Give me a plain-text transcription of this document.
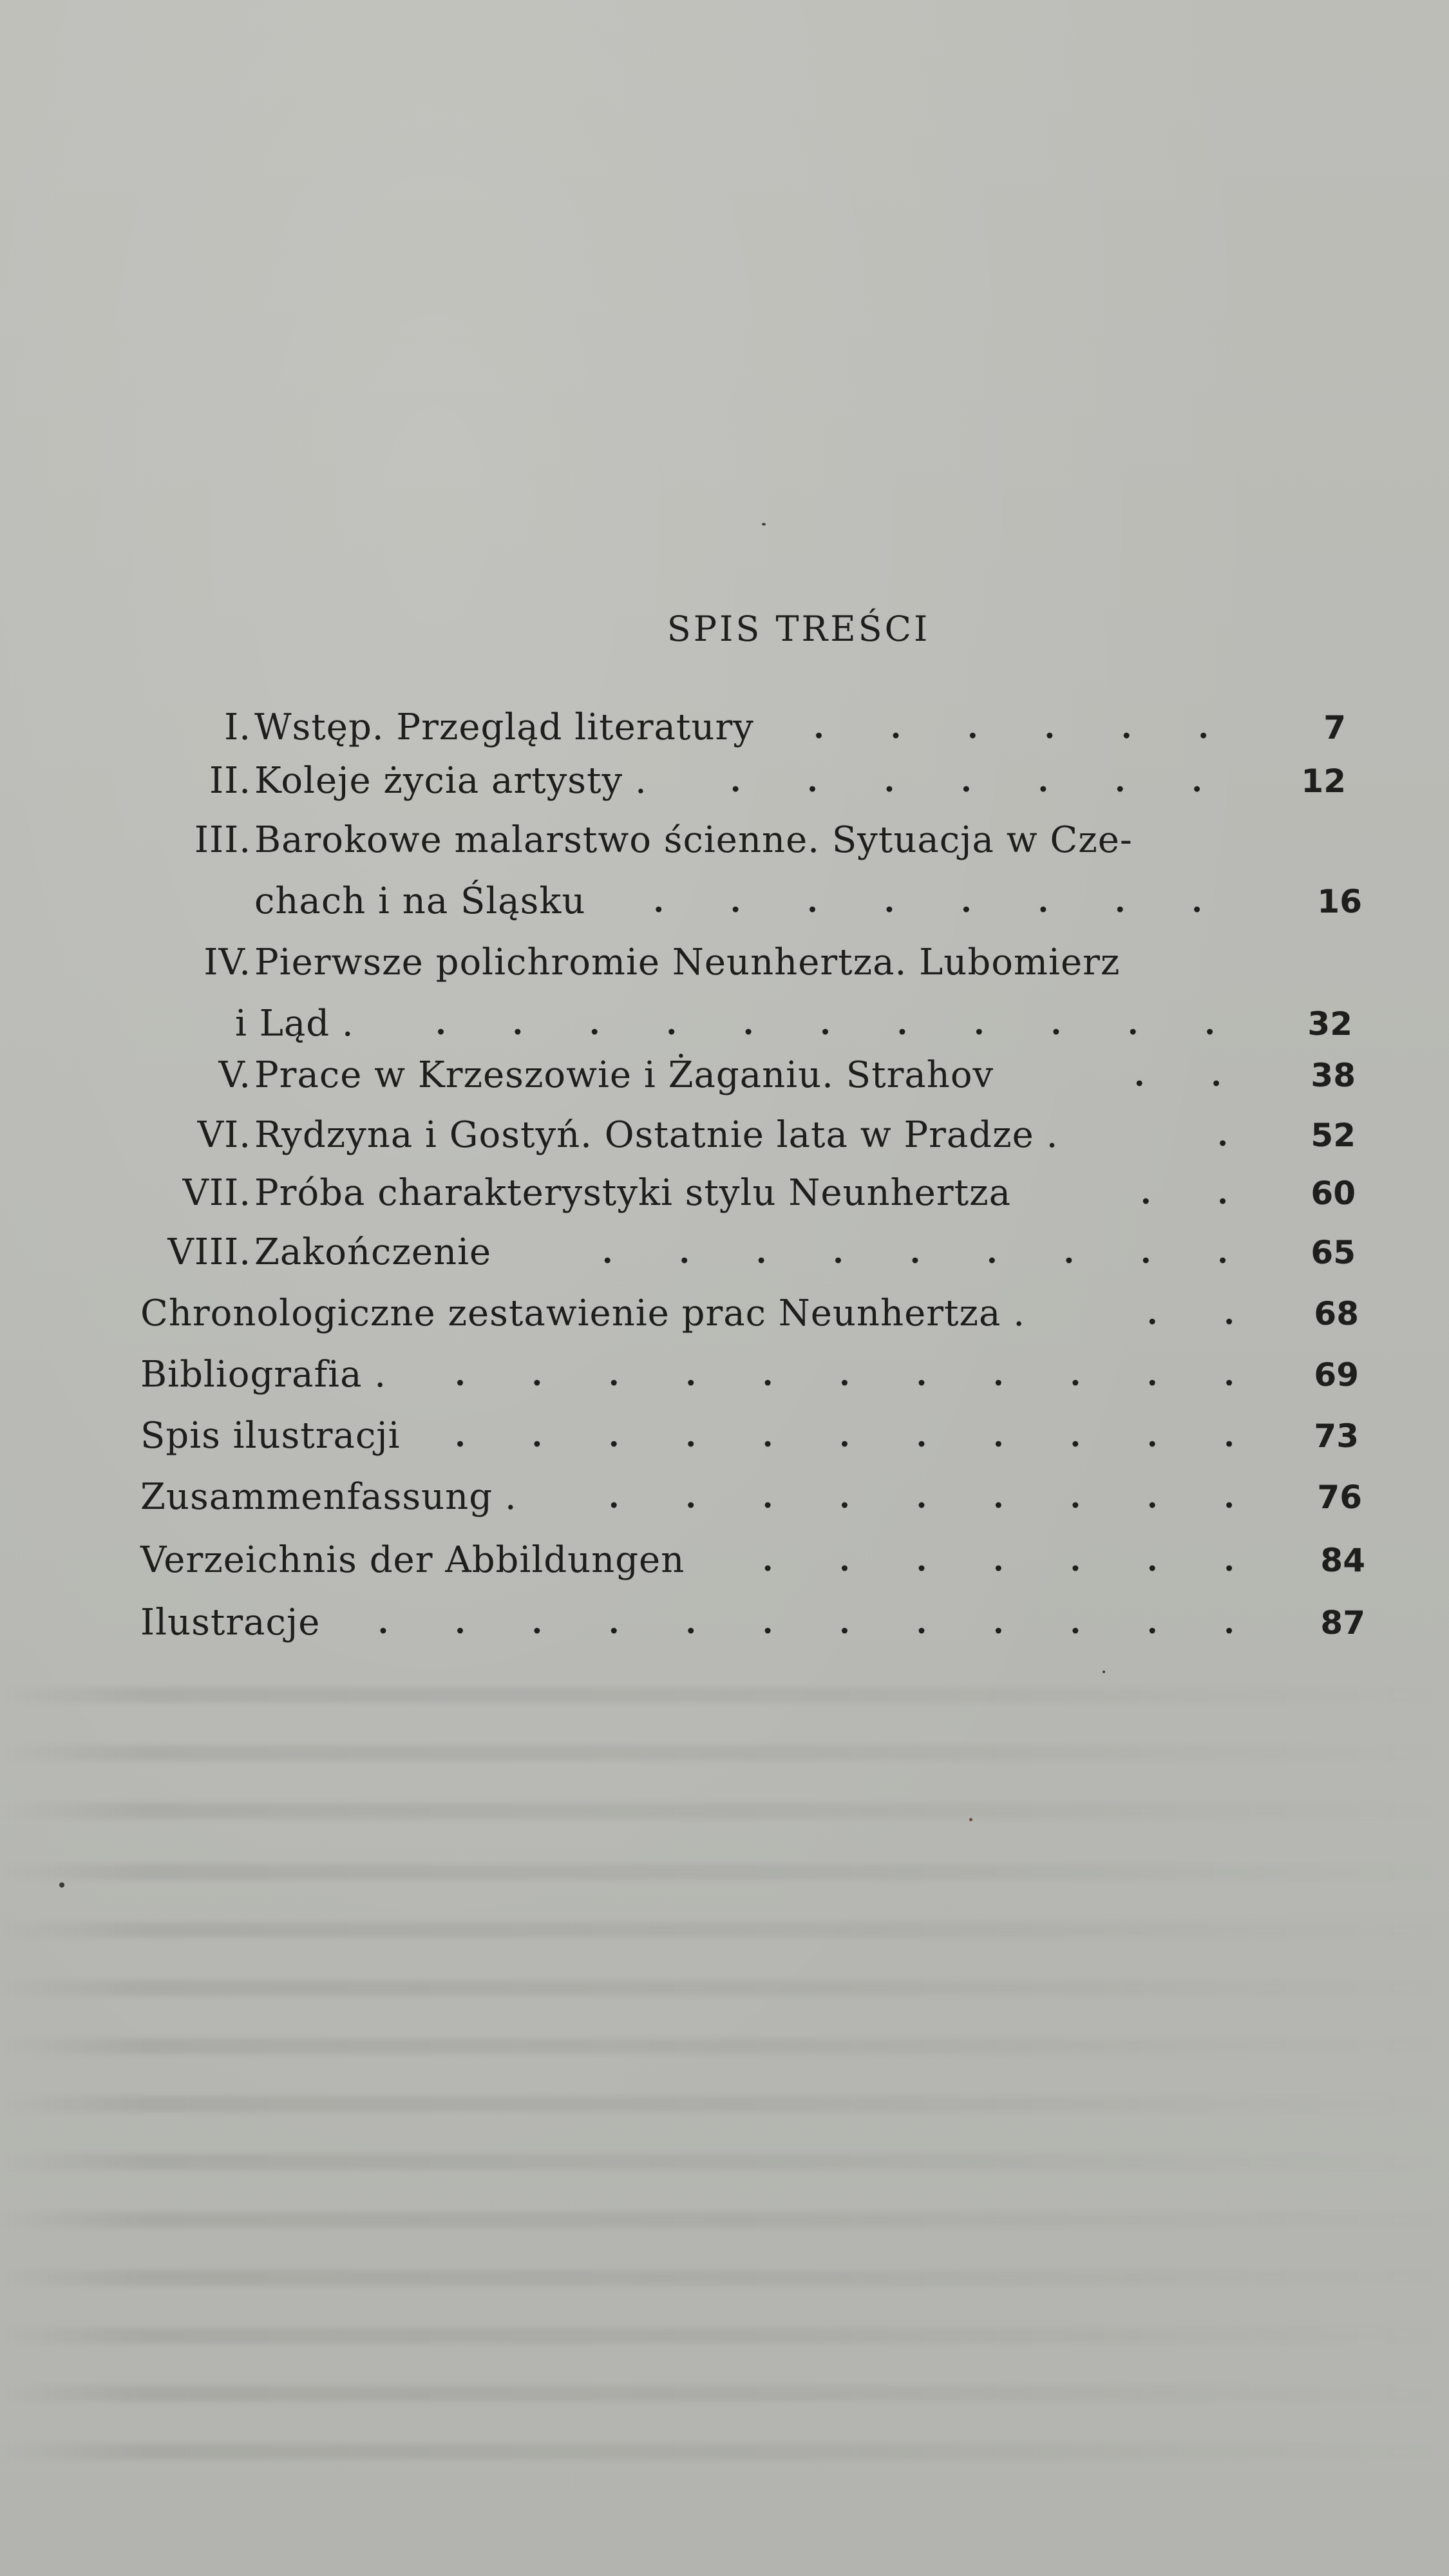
SPIS TREŚCI
I. Wstęp. Przegląd literatury . . . . . .	7
II. Koleje życia artysty .	. . . . . . . 12
III. Barokowe malarstwo ścienne. Sytuacja w Cze-
chach i na Śląsku . . . . . . . .	16
IV. Pierwsze polichromie Neunhertza. Lubomierz
i Ląd .	. . . . . . . . . . . 32
V. Prace w Krzeszowie i Żaganiu. Strahov	. . 38
VI. Rydzyna i Gostyń. Ostatnie lata w Pradze .	. 52
VII. Próba charakterystyki stylu Neunhertza	. . 60
VIII. Zakończenie	. . . . . . . . . 65
Chronologiczne zestawienie prac Neunhertza .	. . 68
Bibliografia . . . . . . . . . . . . 69
Spis ilustracji . . . . . . . . . . . 73
Zusammenfassung .	. . . . . . . . . 76
Verzeichnis der Abbildungen	. . . . . . . 84
Ilustracje . . . . . . . . . . . . 87
